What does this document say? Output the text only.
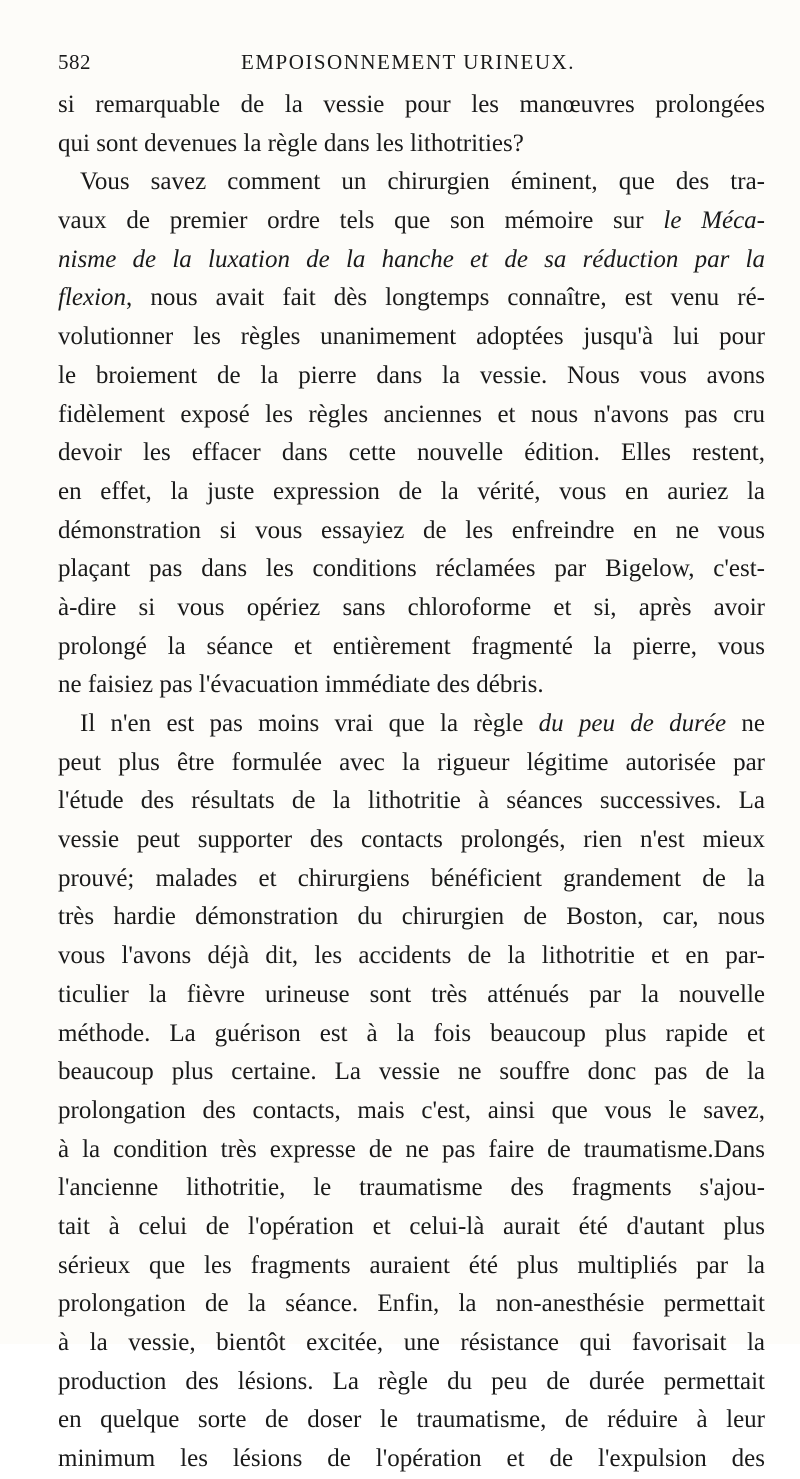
582	EMPOISONNEMENT URINEUX.
si remarquable de la vessie pour les manœuvres prolongées
qui sont devenues la règle dans les lithotrities?
Vous savez comment un chirurgien éminent, que des tra-
vaux de premier ordre tels que son mémoire sur le Méca-
nisme de la luxation de la hanche et de sa réduction par la
flexion, nous avait fait dès longtemps connaître, est venu ré-
volutionner les règles unanimement adoptées jusqu'à lui pour
le broiement de la pierre dans la vessie. Nous vous avons
fidèlement exposé les règles anciennes et nous n'avons pas cru
devoir les effacer dans cette nouvelle édition. Elles restent,
en effet, la juste expression de la vérité, vous en auriez la
démonstration si vous essayiez de les enfreindre en ne vous
plaçant pas dans les conditions réclamées par Bigelow, c'est-
à-dire si vous opériez sans chloroforme et si, après avoir
prolongé la séance et entièrement fragmenté la pierre, vous
ne faisiez pas l'évacuation immédiate des débris.
Il n'en est pas moins vrai que la règle du peu de durée ne
peut plus être formulée avec la rigueur légitime autorisée par
l'étude des résultats de la lithotritie à séances successives. La
vessie peut supporter des contacts prolongés, rien n'est mieux
prouvé; malades et chirurgiens bénéficient grandement de la
très hardie démonstration du chirurgien de Boston, car, nous
vous l'avons déjà dit, les accidents de la lithotritie et en par-
ticulier la fièvre urineuse sont très atténués par la nouvelle
méthode. La guérison est à la fois beaucoup plus rapide et
beaucoup plus certaine. La vessie ne souffre donc pas de la
prolongation des contacts, mais c'est, ainsi que vous le savez,
à la condition très expresse de ne pas faire de traumatisme.Dans
l'ancienne lithotritie, le traumatisme des fragments s'ajou-
tait à celui de l'opération et celui-là aurait été d'autant plus
sérieux que les fragments auraient été plus multipliés par la
prolongation de la séance. Enfin, la non-anesthésie permettait
à la vessie, bientôt excitée, une résistance qui favorisait la
production des lésions. La règle du peu de durée permettait
en quelque sorte de doser le traumatisme, de réduire à leur
minimum les lésions de l'opération et de l'expulsion des
